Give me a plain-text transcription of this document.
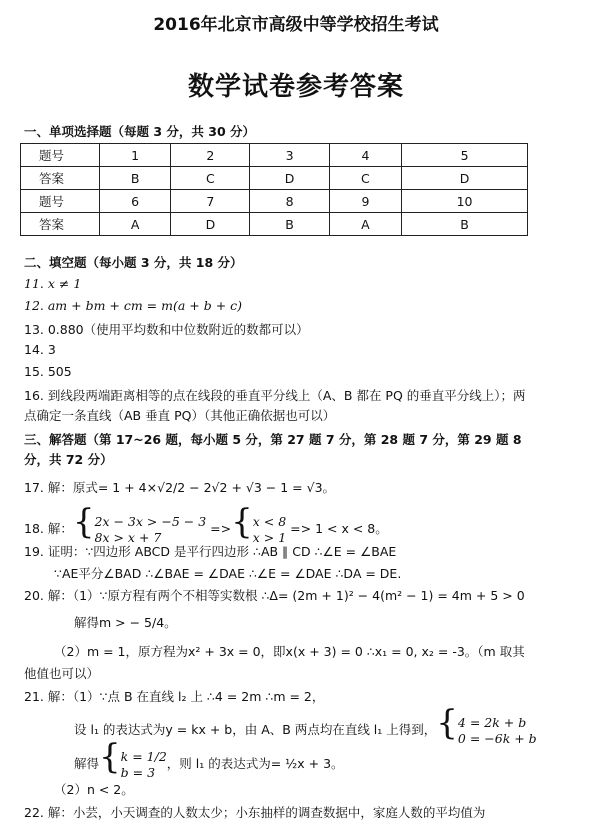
2016年北京市高级中等学校招生考试
数学试卷参考答案
一、单项选择题（每题 3 分，共 30 分）
题号	1	2	3	4	5
答案	B	C	D	C	D
题号	6	7	8	9	10
答案	A	D	B	A	B
二、填空题（每小题 3 分，共 18 分）
11. x ≠ 1
12. am + bm + cm = m(a + b + c)
13. 0.880（使用平均数和中位数附近的数都可以）
14. 3
15. 505
16. 到线段两端距离相等的点在线段的垂直平分线上（A、B 都在 PQ 的垂直平分线上）；两
点确定一条直线（AB 垂直 PQ）（其他正确依据也可以）
三、解答题（第 17~26 题，每小题 5 分，第 27 题 7 分，第 28 题 7 分，第 29 题 8
分，共 72 分）
17. 解：原式= 1 + 4×√2/2 − 2√2 + √3 − 1 = √3。
18. 解：{2x − 3x > −5 − 3
8x > x + 7 =>{x < 8
x > 1 => 1 < x < 8。
19. 证明：∵四边形 ABCD 是平行四边形 ∴AB ∥ CD ∴∠E = ∠BAE
∵AE平分∠BAD ∴∠BAE = ∠DAE ∴∠E = ∠DAE ∴DA = DE.
20. 解：（1）∵原方程有两个不相等实数根 ∴Δ= (2m + 1)² − 4(m² − 1) = 4m + 5 > 0
解得m > − 5/4。
（2）m = 1，原方程为x² + 3x = 0，即x(x + 3) = 0 ∴x₁ = 0, x₂ = -3。（m 取其
他值也可以）
21. 解：（1）∵点 B 在直线 l₂ 上 ∴4 = 2m ∴m = 2，
设 l₁ 的表达式为y = kx + b，由 A、B 两点均在直线 l₁ 上得到，{4 = 2k + b
0 = −6k + b
解得{k = 1/2
b = 3，则 l₁ 的表达式为= ½x + 3。
（2）n < 2。
22. 解：小芸，小天调查的人数太少；小东抽样的调查数据中，家庭人数的平均值为
